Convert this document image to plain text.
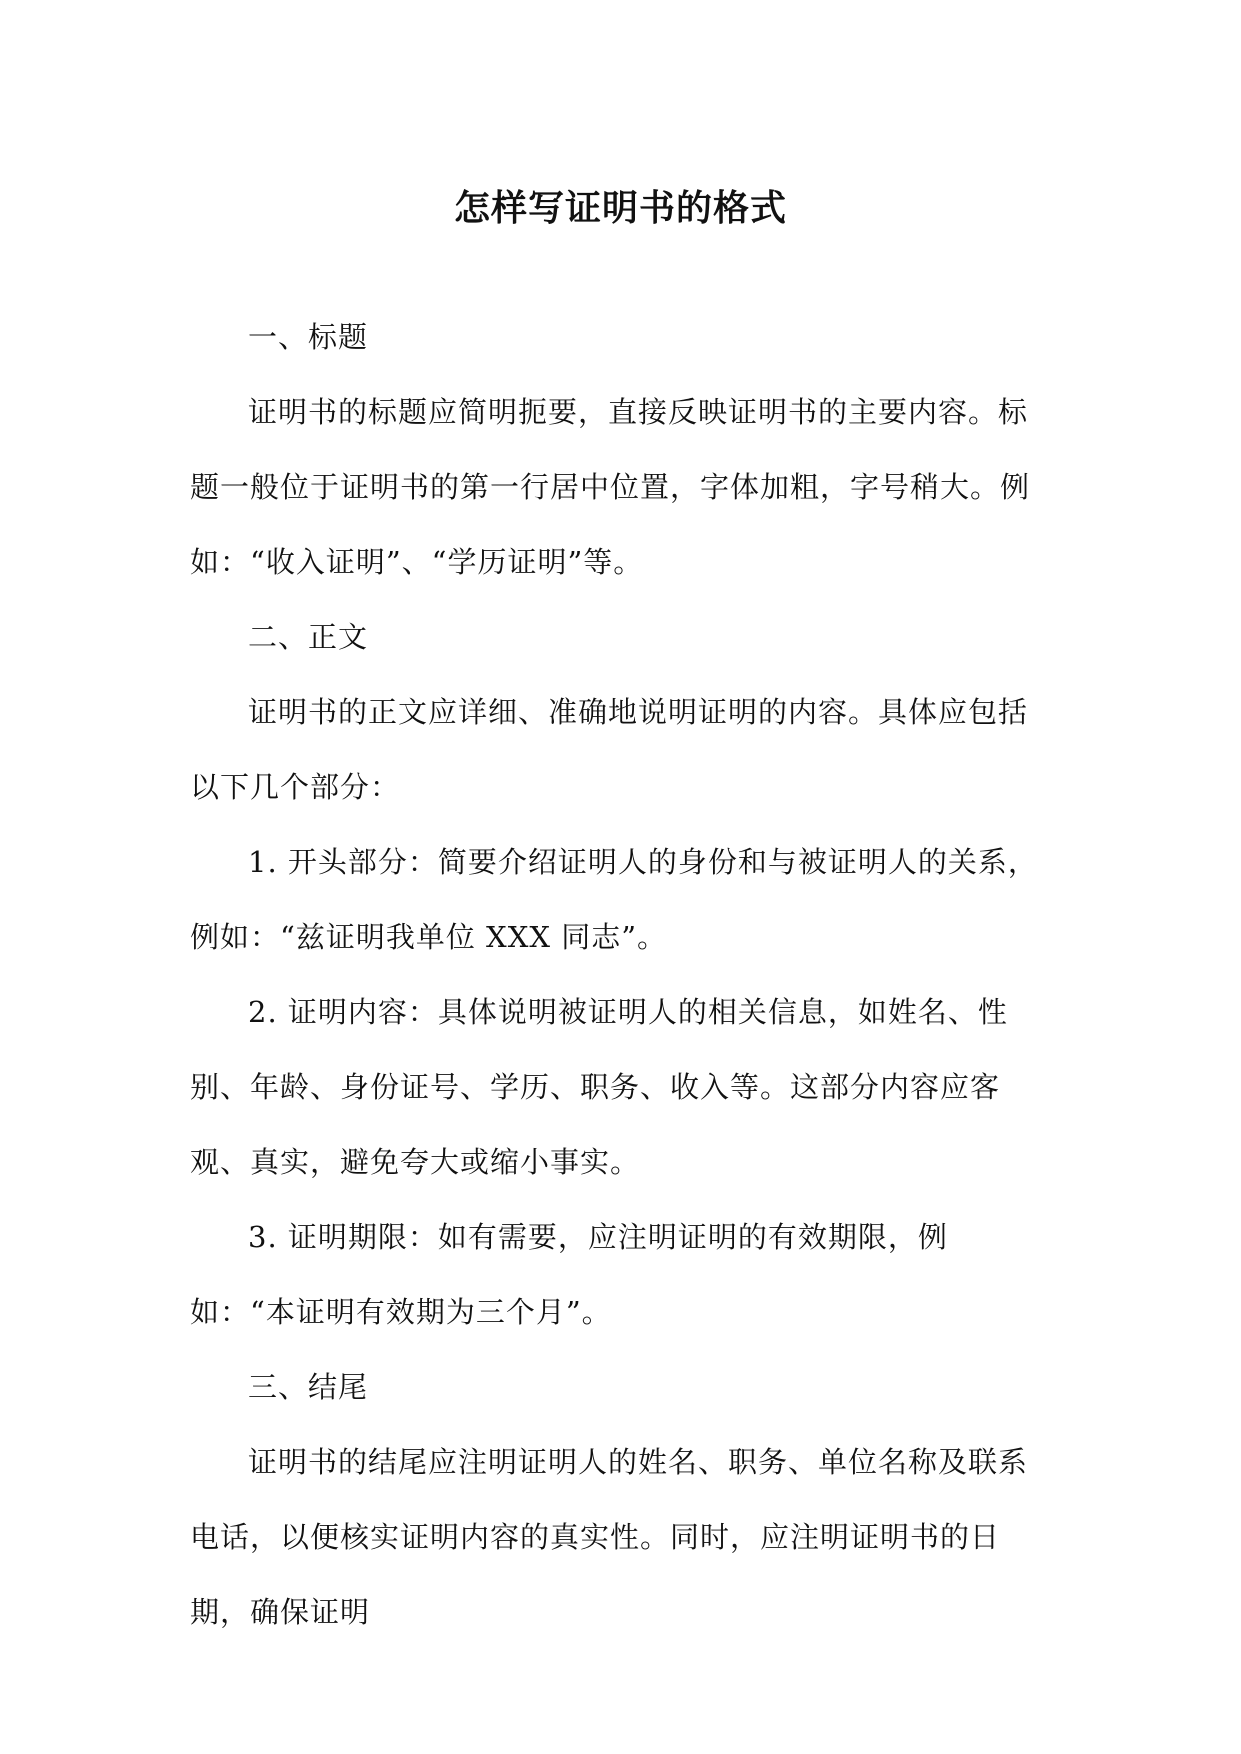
怎样写证明书的格式

一、标题

证明书的标题应简明扼要，直接反映证明书的主要内容。标题一般位于证明书的第一行居中位置，字体加粗，字号稍大。例如：“收入证明”、“学历证明”等。

二、正文

证明书的正文应详细、准确地说明证明的内容。具体应包括以下几个部分：

1. 开头部分：简要介绍证明人的身份和与被证明人的关系，例如：“兹证明我单位 XXX 同志”。

2. 证明内容：具体说明被证明人的相关信息，如姓名、性别、年龄、身份证号、学历、职务、收入等。这部分内容应客观、真实，避免夸大或缩小事实。

3. 证明期限：如有需要，应注明证明的有效期限，例如：“本证明有效期为三个月”。

三、结尾

证明书的结尾应注明证明人的姓名、职务、单位名称及联系电话，以便核实证明内容的真实性。同时，应注明证明书的日期，确保证明
